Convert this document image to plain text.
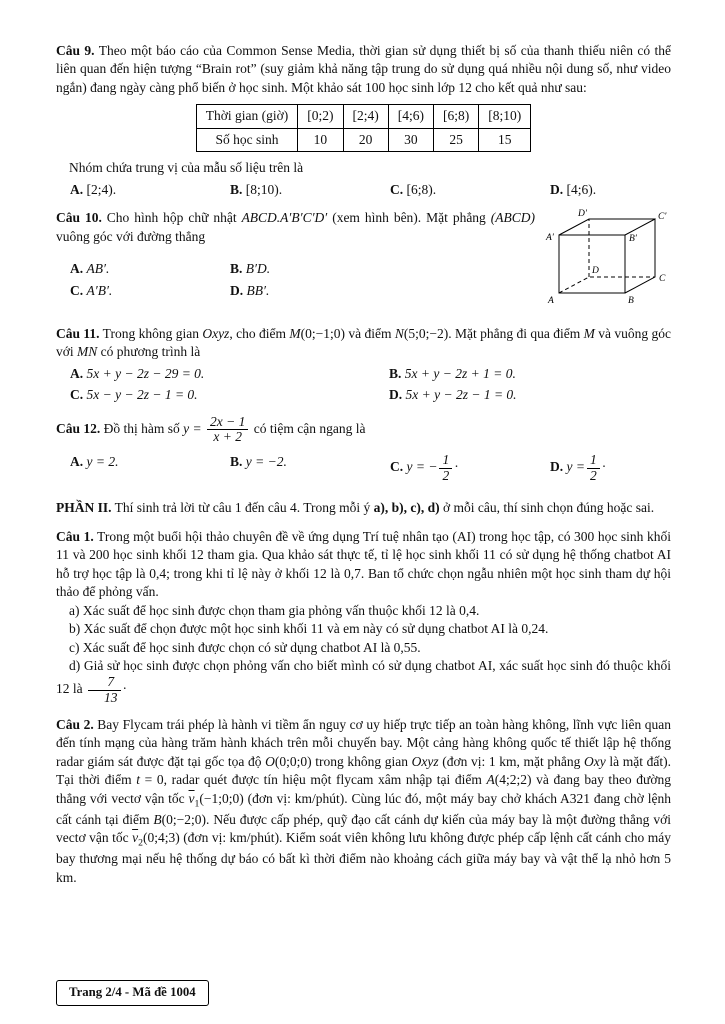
Câu 9. Theo một báo cáo của Common Sense Media, thời gian sử dụng thiết bị số của thanh thiếu niên có thể liên quan đến hiện tượng “Brain rot” (suy giảm khả năng tập trung do sử dụng quá nhiều nội dung số, như video ngắn) đang ngày càng phổ biến ở học sinh. Một khảo sát 100 học sinh lớp 12 cho kết quả như sau:

Thời gian (giờ)	[0;2)	[2;4)	[4;6)	[6;8)	[8;10)
Số học sinh	10	20	30	25	15

Nhóm chứa trung vị của mẫu số liệu trên là

A. [2;4).	B. [8;10).	C. [6;8).	D. [4;6).
A′	B′
C′
D′
A	B
C
D

Câu 10. Cho hình hộp chữ nhật ABCD.A′B′C′D′ (xem hình bên). Mặt phẳng (ABCD) vuông góc với đường thẳng

A. AB′.	B. B′D.
C. A′B′.	D. BB′.

Câu 11. Trong không gian Oxyz, cho điểm M(0;−1;0) và điểm N(5;0;−2). Mặt phẳng đi qua điểm M và vuông góc với MN có phương trình là

A. 5x + y − 2z − 29 = 0.	B. 5x + y − 2z + 1 = 0.
C. 5x − y − 2z − 1 = 0.	D. 5x + y − 2z − 1 = 0.

Câu 12. Đồ thị hàm số $y = \frac{2x - 1}{x + 2}$ có tiệm cận ngang là

A. y = 2.	B. y = −2.	C. y = − $\frac{1}{2}$ ·	D. $y = \frac{1}{2}$ ·

PHẦN II. Thí sinh trả lời từ câu 1 đến câu 4. Trong mỗi ý a), b), c), d) ở mỗi câu, thí sinh chọn đúng hoặc sai.

Câu 1. Trong một buổi hội thảo chuyên đề về ứng dụng Trí tuệ nhân tạo (AI) trong học tập, có 300 học sinh khối 11 và 200 học sinh khối 12 tham gia. Qua khảo sát thực tế, tỉ lệ học sinh khối 11 có sử dụng hệ thống chatbot AI hỗ trợ học tập là 0,4; trong khi tỉ lệ này ở khối 12 là 0,7. Ban tổ chức chọn ngẫu nhiên một học sinh tham dự hội thảo để phỏng vấn.

a) Xác suất để học sinh được chọn tham gia phỏng vấn thuộc khối 12 là 0,4.

b) Xác suất để chọn được một học sinh khối 11 và em này có sử dụng chatbot AI là 0,24.

c) Xác suất để học sinh được chọn có sử dụng chatbot AI là 0,55.

d) Giả sử học sinh được chọn phỏng vấn cho biết mình có sử dụng chatbot AI, xác suất học sinh đó thuộc khối 12 là $\frac{7}{13}$ ·

Câu 2. Bay Flycam trái phép là hành vi tiềm ẩn nguy cơ uy hiếp trực tiếp an toàn hàng không, lĩnh vực liên quan đến tính mạng của hàng trăm hành khách trên mỗi chuyến bay. Một cảng hàng không quốc tế thiết lập hệ thống radar giám sát được đặt tại gốc tọa độ O(0;0;0) trong không gian Oxyz (đơn vị: 1 km, mặt phẳng Oxy là mặt đất). Tại thời điểm t = 0, radar quét được tín hiệu một flycam xâm nhập tại điểm A(4;2;2) và đang bay theo đường thẳng với vectơ vận tốc $\overline{v}_1(-1;0;0)$ (đơn vị: km/phút). Cùng lúc đó, một máy bay chở khách A321 đang chờ lệnh cất cánh tại điểm B(0;−2;0). Nếu được cấp phép, quỹ đạo cất cánh dự kiến của máy bay là một đường thẳng với vectơ vận tốc $\overline{v}_2(0;4;3)$ (đơn vị: km/phút). Kiểm soát viên không lưu không được phép cấp lệnh cất cánh cho máy bay thương mại nếu hệ thống dự báo có bất kì thời điểm nào khoảng cách giữa máy bay và vật thể lạ nhỏ hơn 5 km.

Trang 2/4 - Mã đề 1004
